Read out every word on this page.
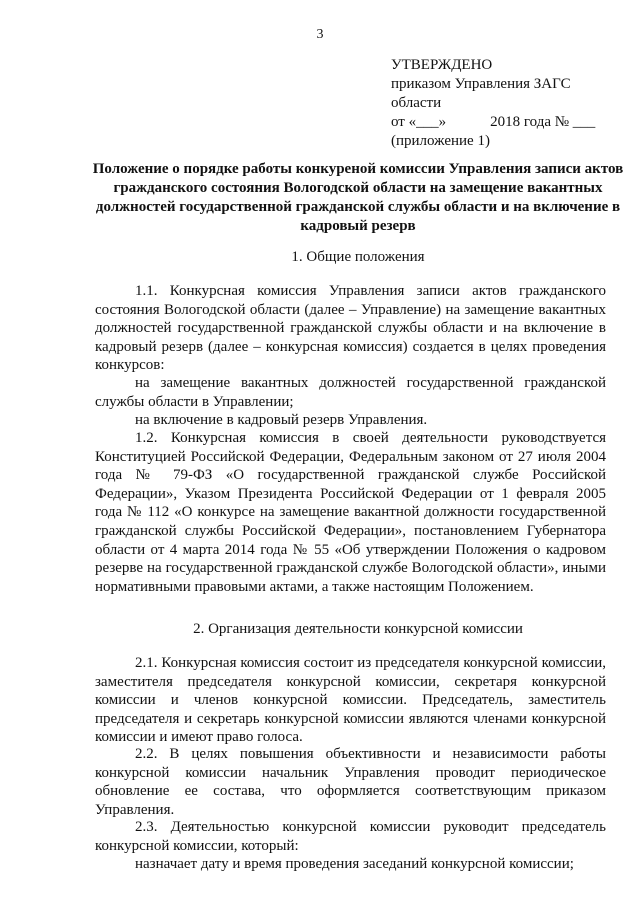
3
УТВЕРЖДЕНО
приказом Управления ЗАГС
области
от «___»	2018 года № ___
(приложение 1)
Положение о порядке работы конкуреной комиссии Управления записи актов гражданского состояния Вологодской области на замещение вакантных должностей государственной гражданской службы области и на включение в кадровый резерв
1. Общие положения
1.1. Конкурсная комиссия Управления записи актов гражданского состояния Вологодской области (далее – Управление) на замещение вакантных должностей государственной гражданской службы области и на включение в кадровый резерв (далее – конкурсная комиссия) создается в целях проведения конкурсов:
на замещение вакантных должностей государственной гражданской службы области в Управлении;
на включение в кадровый резерв Управления.
1.2. Конкурсная комиссия в своей деятельности руководствуется Конституцией Российской Федерации, Федеральным законом от 27 июля 2004 года № 79-ФЗ «О государственной гражданской службе Российской Федерации», Указом Президента Российской Федерации от 1 февраля 2005 года № 112 «О конкурсе на замещение вакантной должности государственной гражданской службы Российской Федерации», постановлением Губернатора области от 4 марта 2014 года № 55 «Об утверждении Положения о кадровом резерве на государственной гражданской службе Вологодской области», иными нормативными правовыми актами, а также настоящим Положением.
2. Организация деятельности конкурсной комиссии
2.1. Конкурсная комиссия состоит из председателя конкурсной комиссии, заместителя председателя конкурсной комиссии, секретаря конкурсной комиссии и членов конкурсной комиссии. Председатель, заместитель председателя и секретарь конкурсной комиссии являются членами конкурсной комиссии и имеют право голоса.
2.2. В целях повышения объективности и независимости работы конкурсной комиссии начальник Управления проводит периодическое обновление ее состава, что оформляется соответствующим приказом Управления.
2.3. Деятельностью конкурсной комиссии руководит председатель конкурсной комиссии, который:
назначает дату и время проведения заседаний конкурсной комиссии;
